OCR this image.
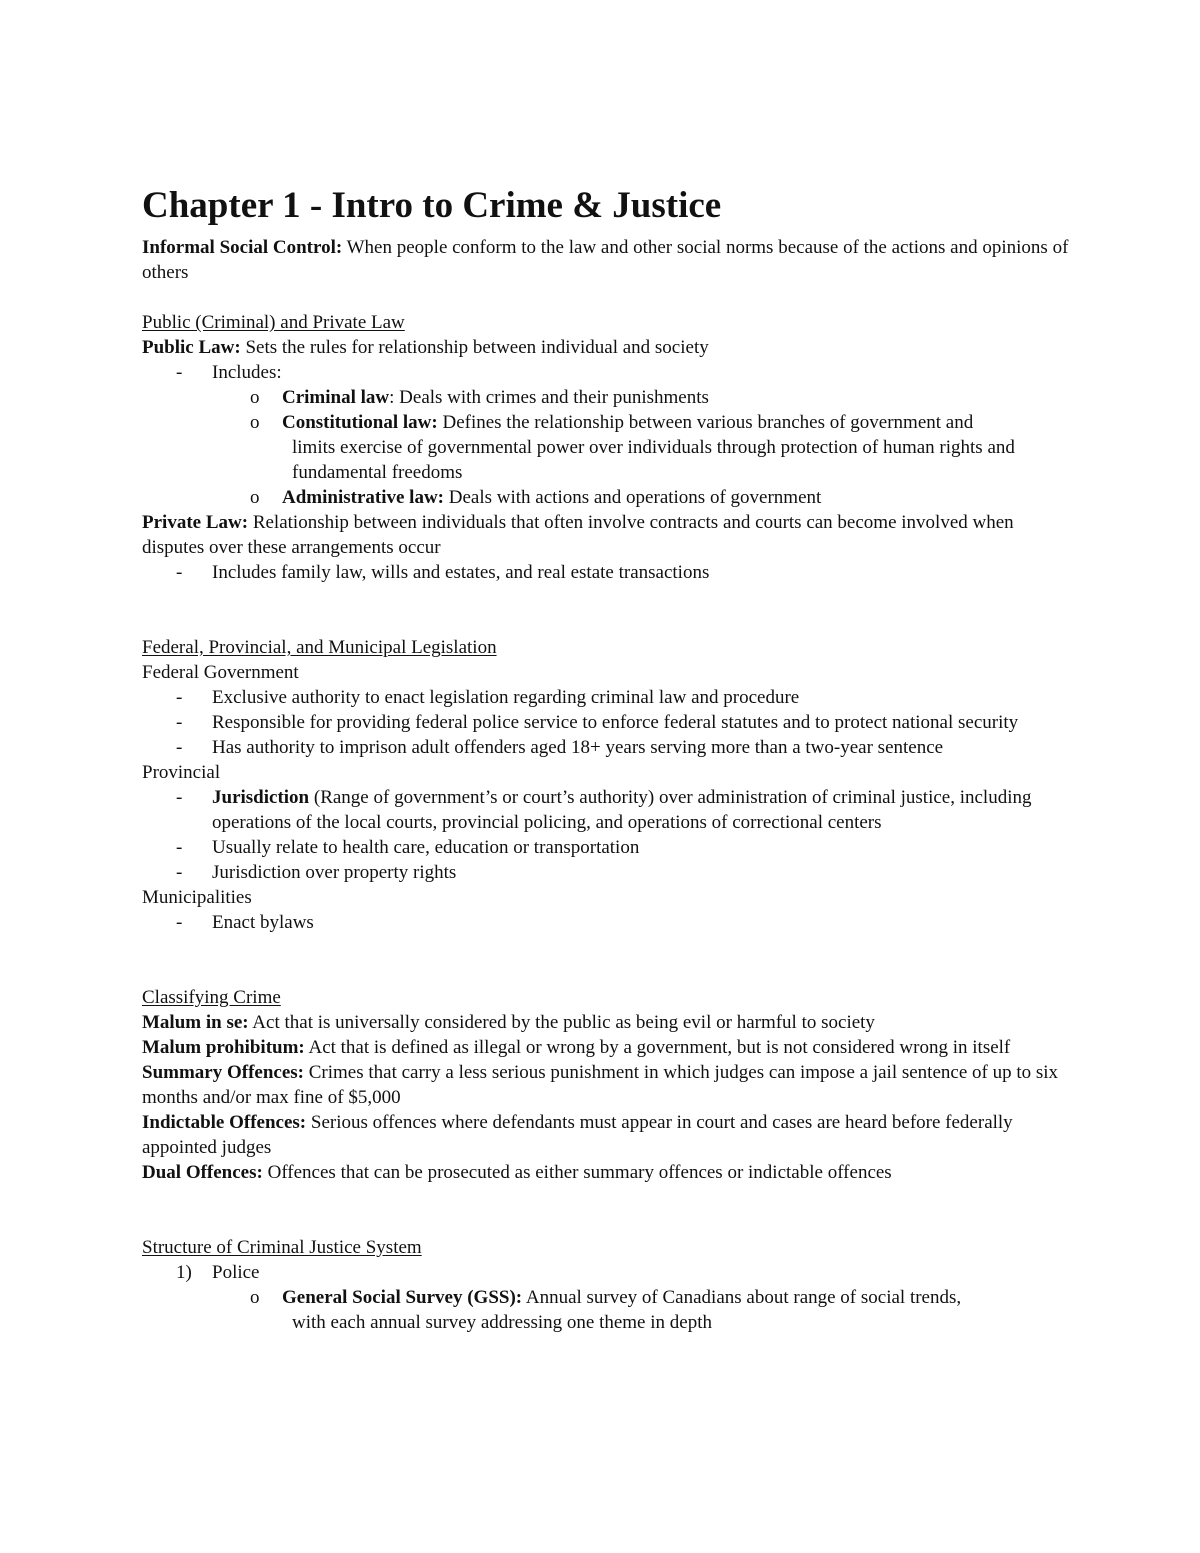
Chapter 1 - Intro to Crime & Justice

Informal Social Control: When people conform to the law and other social norms because of the actions and opinions of others

Public (Criminal) and Private Law

Public Law: Sets the rules for relationship between individual and society

- Includes:
o Criminal law: Deals with crimes and their punishments
o Constitutional law: Defines the relationship between various branches of government and
limits exercise of governmental power over individuals through protection of human rights and fundamental freedoms
o Administrative law: Deals with actions and operations of government

Private Law: Relationship between individuals that often involve contracts and courts can become involved when disputes over these arrangements occur

- Includes family law, wills and estates, and real estate transactions

Federal, Provincial, and Municipal Legislation

Federal Government

- Exclusive authority to enact legislation regarding criminal law and procedure
- Responsible for providing federal police service to enforce federal statutes and to protect national security
- Has authority to imprison adult offenders aged 18+ years serving more than a two-year sentence

Provincial

- Jurisdiction (Range of government’s or court’s authority) over administration of criminal justice, including operations of the local courts, provincial policing, and operations of correctional centers
- Usually relate to health care, education or transportation
- Jurisdiction over property rights

Municipalities

- Enact bylaws

Classifying Crime

Malum in se: Act that is universally considered by the public as being evil or harmful to society

Malum prohibitum: Act that is defined as illegal or wrong by a government, but is not considered wrong in itself

Summary Offences: Crimes that carry a less serious punishment in which judges can impose a jail sentence of up to six months and/or max fine of $5,000

Indictable Offences: Serious offences where defendants must appear in court and cases are heard before federally appointed judges

Dual Offences: Offences that can be prosecuted as either summary offences or indictable offences

Structure of Criminal Justice System

1) Police
o General Social Survey (GSS): Annual survey of Canadians about range of social trends,
with each annual survey addressing one theme in depth
